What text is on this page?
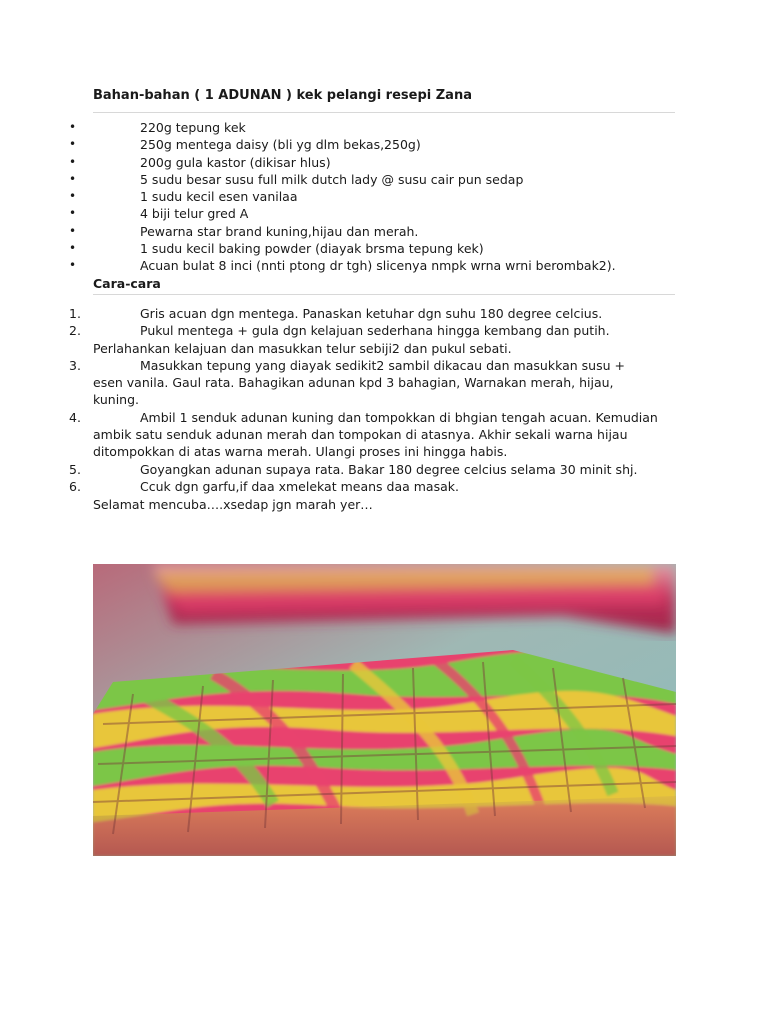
Bahan-bahan ( 1 ADUNAN ) kek pelangi resepi Zana
•	220g tepung kek
•	250g mentega daisy (bli yg dlm bekas,250g)
•	200g gula kastor (dikisar hlus)
•	5 sudu besar susu full milk dutch lady @ susu cair pun sedap
•	1 sudu kecil esen vanilaa
•	4 biji telur gred A
•	Pewarna star brand kuning,hijau dan merah.
•	1 sudu kecil baking powder (diayak brsma tepung kek)
•	Acuan bulat 8 inci (nnti ptong dr tgh) slicenya nmpk wrna wrni berombak2).
Cara-cara
1.	Gris acuan dgn mentega. Panaskan ketuhar dgn suhu 180 degree celcius.
2.	Pukul mentega + gula dgn kelajuan sederhana hingga kembang dan putih. Perlahankan kelajuan dan masukkan telur sebiji2 dan pukul sebati.
3.	Masukkan tepung yang diayak sedikit2 sambil dikacau dan masukkan susu + esen vanila. Gaul rata. Bahagikan adunan kpd 3 bahagian, Warnakan merah, hijau, kuning.
4.	Ambil 1 senduk adunan kuning dan tompokkan di bhgian tengah acuan. Kemudian ambik satu senduk adunan merah dan tompokan di atasnya. Akhir sekali warna hijau ditompokkan di atas warna merah. Ulangi proses ini hingga habis.
5.	Goyangkan adunan supaya rata. Bakar 180 degree celcius selama 30 minit shj.
6.	Ccuk dgn garfu,if daa xmelekat means daa masak.
Selamat mencuba….xsedap jgn marah yer…
